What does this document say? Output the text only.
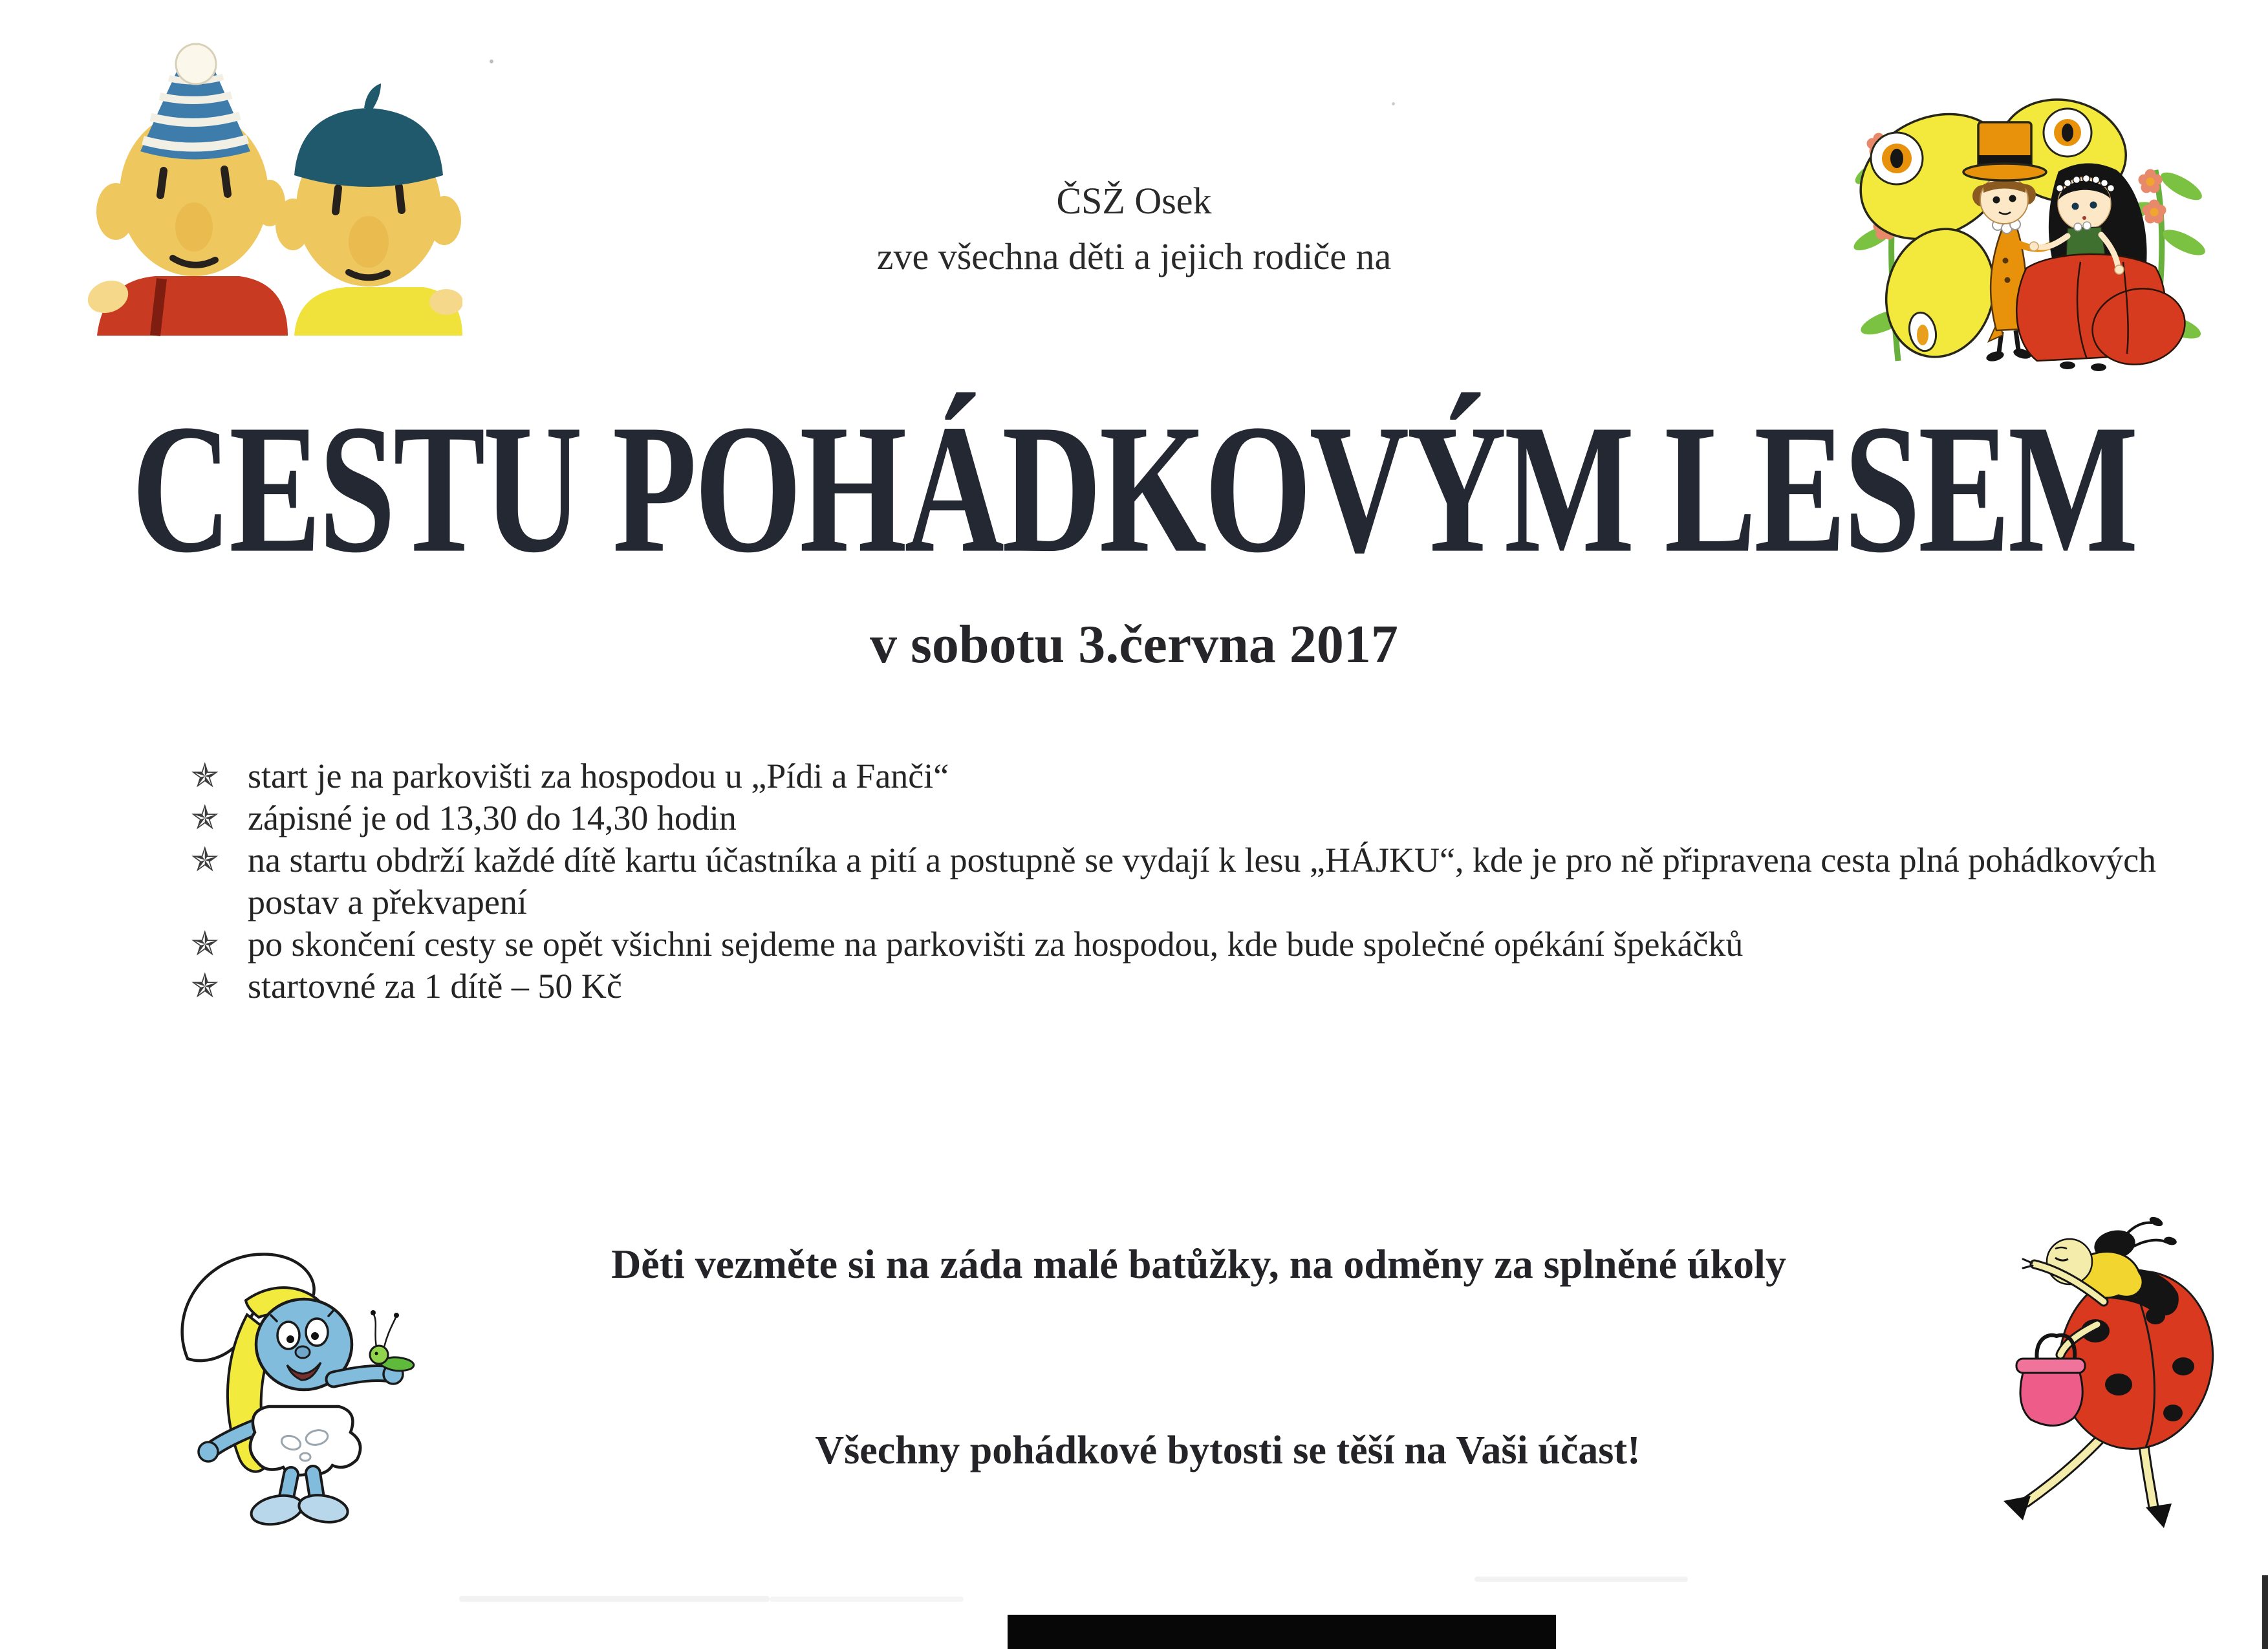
ČSŽ Osek
zve všechna děti a jejich rodiče na
CESTU POHÁDKOVÝM LESEM
v sobotu 3.června 2017
✯ start je na parkovišti za hospodou u „Pídi a Fanči“
✯ zápisné je od 13,30 do 14,30 hodin
✯ na startu obdrží každé dítě kartu účastníka a pití a postupně se vydají k lesu „HÁJKU“, kde je pro ně připravena cesta plná pohádkových postav a překvapení
✯ po skončení cesty se opět všichni sejdeme na parkovišti za hospodou, kde bude společné opékání špekáčků
✯ startovné za 1 dítě – 50 Kč
Děti vezměte si na záda malé batůžky, na odměny za splněné úkoly
Všechny pohádkové bytosti se těší na Vaši účast!
